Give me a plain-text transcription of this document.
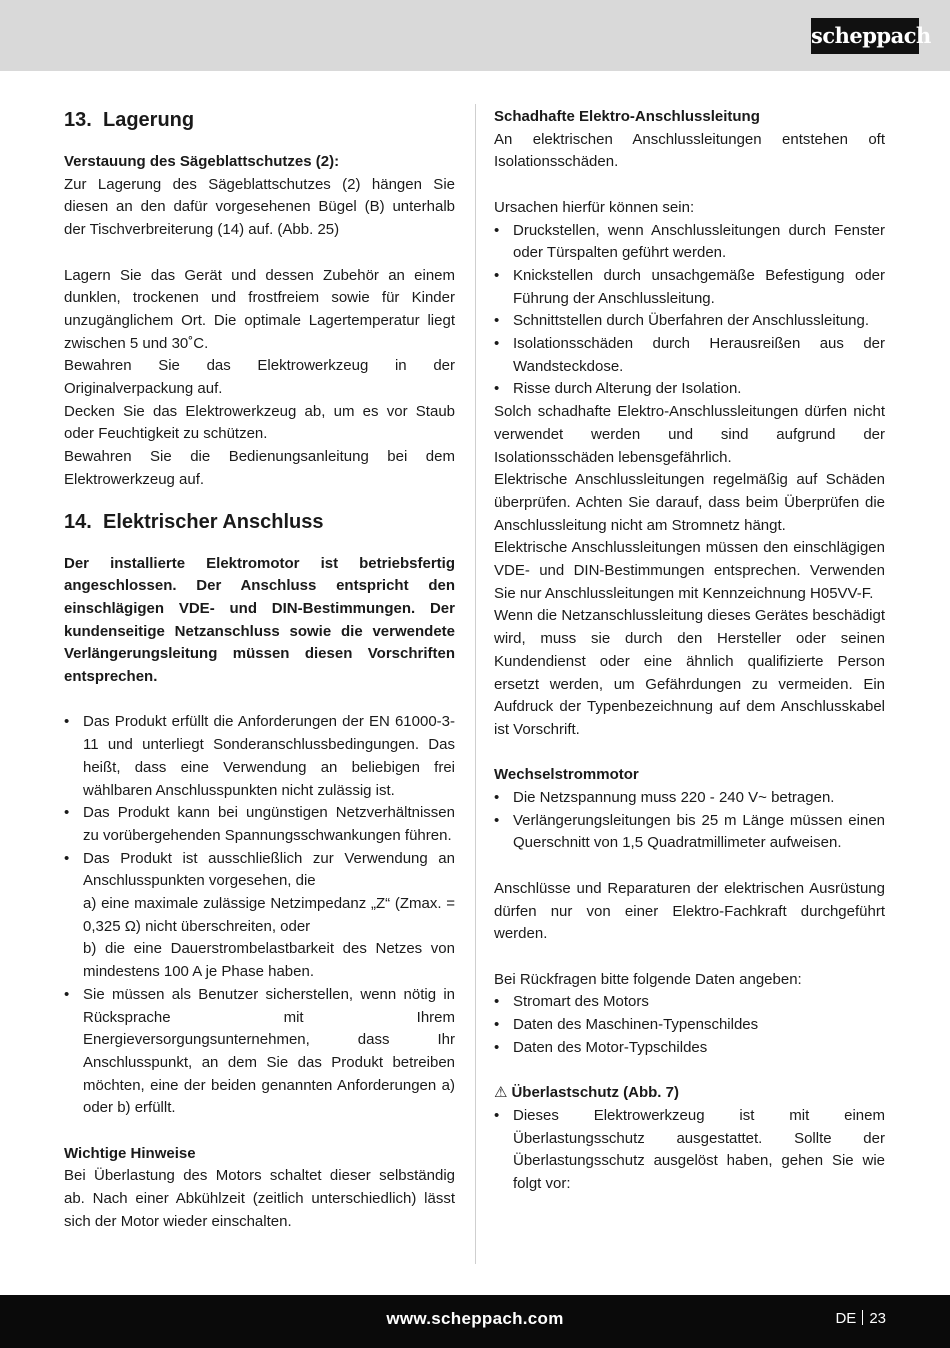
scheppach
13. Lagerung

Verstauung des Sägeblattschutzes (2):

Zur Lagerung des Sägeblattschutzes (2) hängen Sie diesen an den dafür vorgesehenen Bügel (B) unterhalb der Tischverbreiterung (14) auf. (Abb. 25)

Lagern Sie das Gerät und dessen Zubehör an einem dunklen, trockenen und frostfreiem sowie für Kinder unzugänglichem Ort. Die optimale Lagertemperatur liegt zwischen 5 und 30˚C.

Bewahren Sie das Elektrowerkzeug in der Originalverpackung auf.

Decken Sie das Elektrowerkzeug ab, um es vor Staub oder Feuchtigkeit zu schützen.

Bewahren Sie die Bedienungsanleitung bei dem Elektrowerkzeug auf.

14. Elektrischer Anschluss

Der installierte Elektromotor ist betriebsfertig angeschlossen. Der Anschluss entspricht den einschlägigen VDE- und DIN-Bestimmungen. Der kundenseitige Netzanschluss sowie die verwendete Verlängerungsleitung müssen diesen Vorschriften entsprechen.

• Das Produkt erfüllt die Anforderungen der EN 61000-3-11 und unterliegt Sonderanschlussbedingungen. Das heißt, dass eine Verwendung an beliebigen frei wählbaren Anschlusspunkten nicht zulässig ist.
• Das Produkt kann bei ungünstigen Netzverhältnissen zu vorübergehenden Spannungsschwankungen führen.
• Das Produkt ist ausschließlich zur Verwendung an Anschlusspunkten vorgesehen, die
a) eine maximale zulässige Netzimpedanz „Z“ (Zmax. = 0,325 Ω) nicht überschreiten, oder
b) die eine Dauerstrombelastbarkeit des Netzes von mindestens 100 A je Phase haben.
• Sie müssen als Benutzer sicherstellen, wenn nötig in Rücksprache mit Ihrem Energieversorgungsunternehmen, dass Ihr Anschlusspunkt, an dem Sie das Produkt betreiben möchten, eine der beiden genannten Anforderungen a) oder b) erfüllt.

Wichtige Hinweise

Bei Überlastung des Motors schaltet dieser selbständig ab. Nach einer Abkühlzeit (zeitlich unterschiedlich) lässt sich der Motor wieder einschalten.

Schadhafte Elektro-Anschlussleitung

An elektrischen Anschlussleitungen entstehen oft Isolationsschäden.

Ursachen hierfür können sein:

• Druckstellen, wenn Anschlussleitungen durch Fenster oder Türspalten geführt werden.
• Knickstellen durch unsachgemäße Befestigung oder Führung der Anschlussleitung.
• Schnittstellen durch Überfahren der Anschlussleitung.
• Isolationsschäden durch Herausreißen aus der Wandsteckdose.
• Risse durch Alterung der Isolation.

Solch schadhafte Elektro-Anschlussleitungen dürfen nicht verwendet werden und sind aufgrund der Isolationsschäden lebensgefährlich.

Elektrische Anschlussleitungen regelmäßig auf Schäden überprüfen. Achten Sie darauf, dass beim Überprüfen die Anschlussleitung nicht am Stromnetz hängt.

Elektrische Anschlussleitungen müssen den einschlägigen VDE- und DIN-Bestimmungen entsprechen. Verwenden Sie nur Anschlussleitungen mit Kennzeichnung H05VV-F.

Wenn die Netzanschlussleitung dieses Gerätes beschädigt wird, muss sie durch den Hersteller oder seinen Kundendienst oder eine ähnlich qualifizierte Person ersetzt werden, um Gefährdungen zu vermeiden. Ein Aufdruck der Typenbezeichnung auf dem Anschlusskabel ist Vorschrift.

Wechselstrommotor

• Die Netzspannung muss 220 - 240 V~ betragen.
• Verlängerungsleitungen bis 25 m Länge müssen einen Querschnitt von 1,5 Quadratmillimeter aufweisen.

Anschlüsse und Reparaturen der elektrischen Ausrüstung dürfen nur von einer Elektro-Fachkraft durchgeführt werden.

Bei Rückfragen bitte folgende Daten angeben:

• Stromart des Motors
• Daten des Maschinen-Typenschildes
• Daten des Motor-Typschildes

⚠ Überlastschutz (Abb. 7)

• Dieses Elektrowerkzeug ist mit einem Überlastungsschutz ausgestattet. Sollte der Überlastungsschutz ausgelöst haben, gehen Sie wie folgt vor:
www.scheppach.com	DE 23
